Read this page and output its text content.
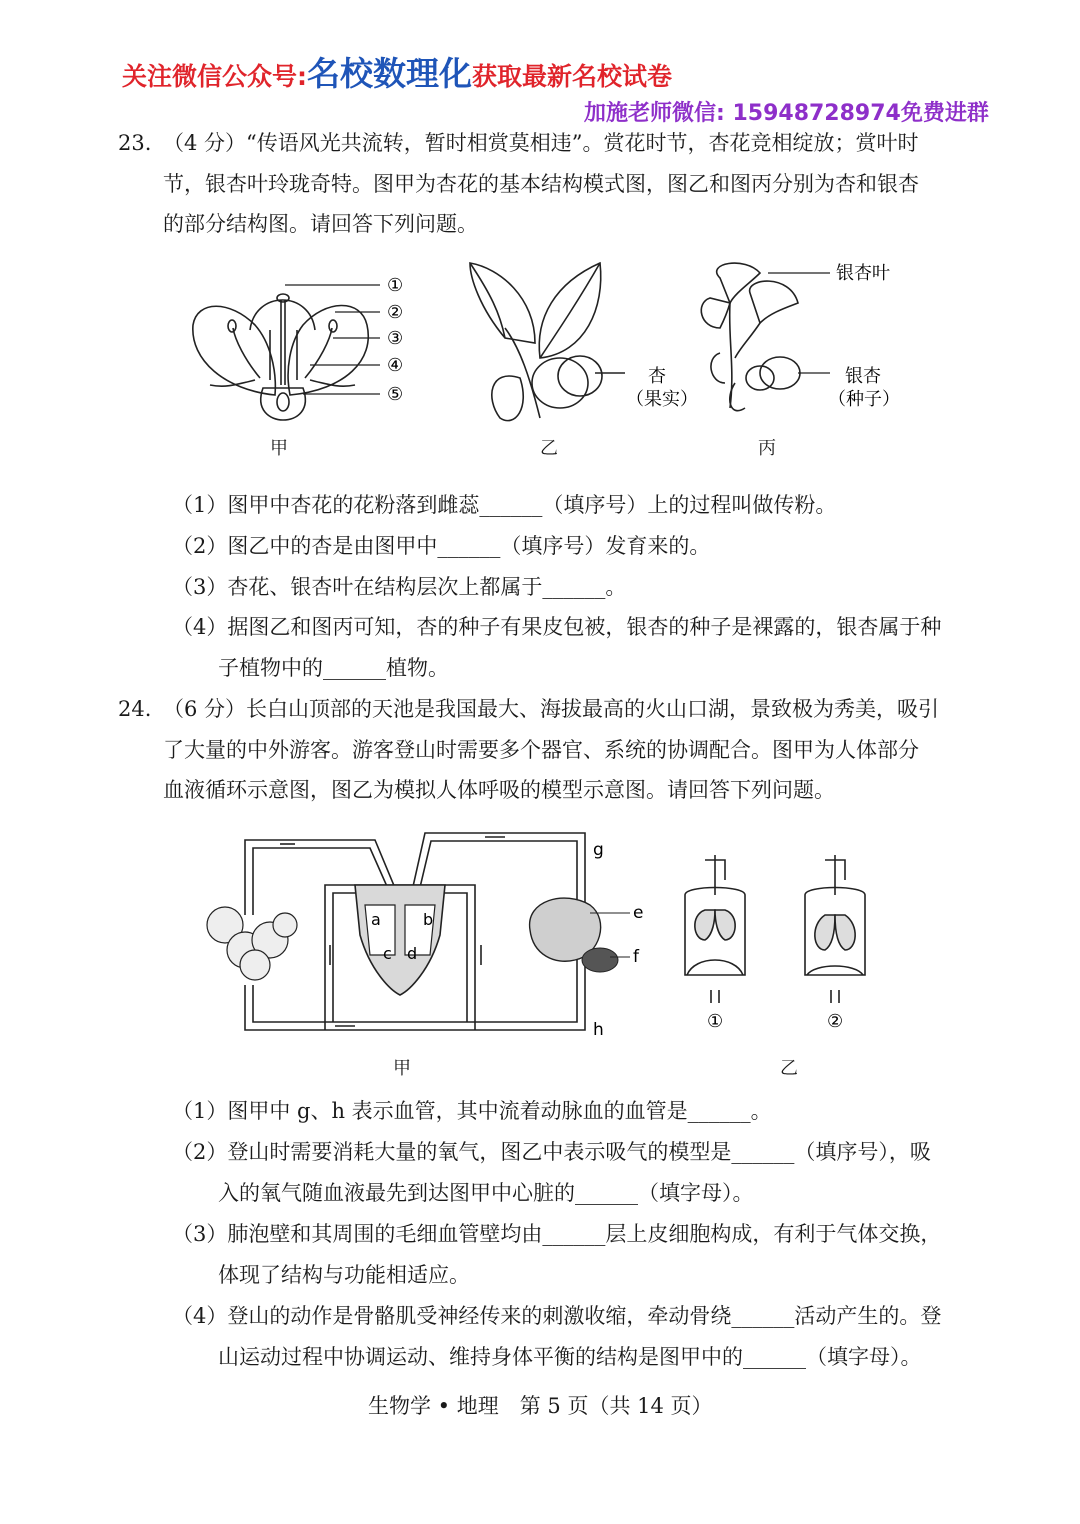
关注微信公众号:名校数理化获取最新名校试卷
加施老师微信: 15948728974免费进群
23. （4 分）“传语风光共流转，暂时相赏莫相违”。赏花时节，杏花竞相绽放；赏叶时
节，银杏叶玲珑奇特。图甲为杏花的基本结构模式图，图乙和图丙分别为杏和银杏
的部分结构图。请回答下列问题。
①
②
③
④
⑤
甲
杏
（果实）
乙
银杏叶
银杏
（种子）
丙
（1）图甲中杏花的花粉落到雌蕊______（填序号）上的过程叫做传粉。
（2）图乙中的杏是由图甲中______（填序号）发育来的。
（3）杏花、银杏叶在结构层次上都属于______。
（4）据图乙和图丙可知，杏的种子有果皮包被，银杏的种子是裸露的，银杏属于种
子植物中的______植物。
24. （6 分）长白山顶部的天池是我国最大、海拔最高的火山口湖，景致极为秀美，吸引
了大量的中外游客。游客登山时需要多个器官、系统的协调配合。图甲为人体部分
血液循环示意图，图乙为模拟人体呼吸的模型示意图。请回答下列问题。
a	b
c d
g
h
e
f
甲
①	②
乙
（1）图甲中 g、h 表示血管，其中流着动脉血的血管是______。
（2）登山时需要消耗大量的氧气，图乙中表示吸气的模型是______（填序号），吸
入的氧气随血液最先到达图甲中心脏的______（填字母）。
（3）肺泡壁和其周围的毛细血管壁均由______层上皮细胞构成，有利于气体交换，
体现了结构与功能相适应。
（4）登山的动作是骨骼肌受神经传来的刺激收缩，牵动骨绕______活动产生的。登
山运动过程中协调运动、维持身体平衡的结构是图甲中的______（填字母）。
生物学 • 地理　第 5 页（共 14 页）
